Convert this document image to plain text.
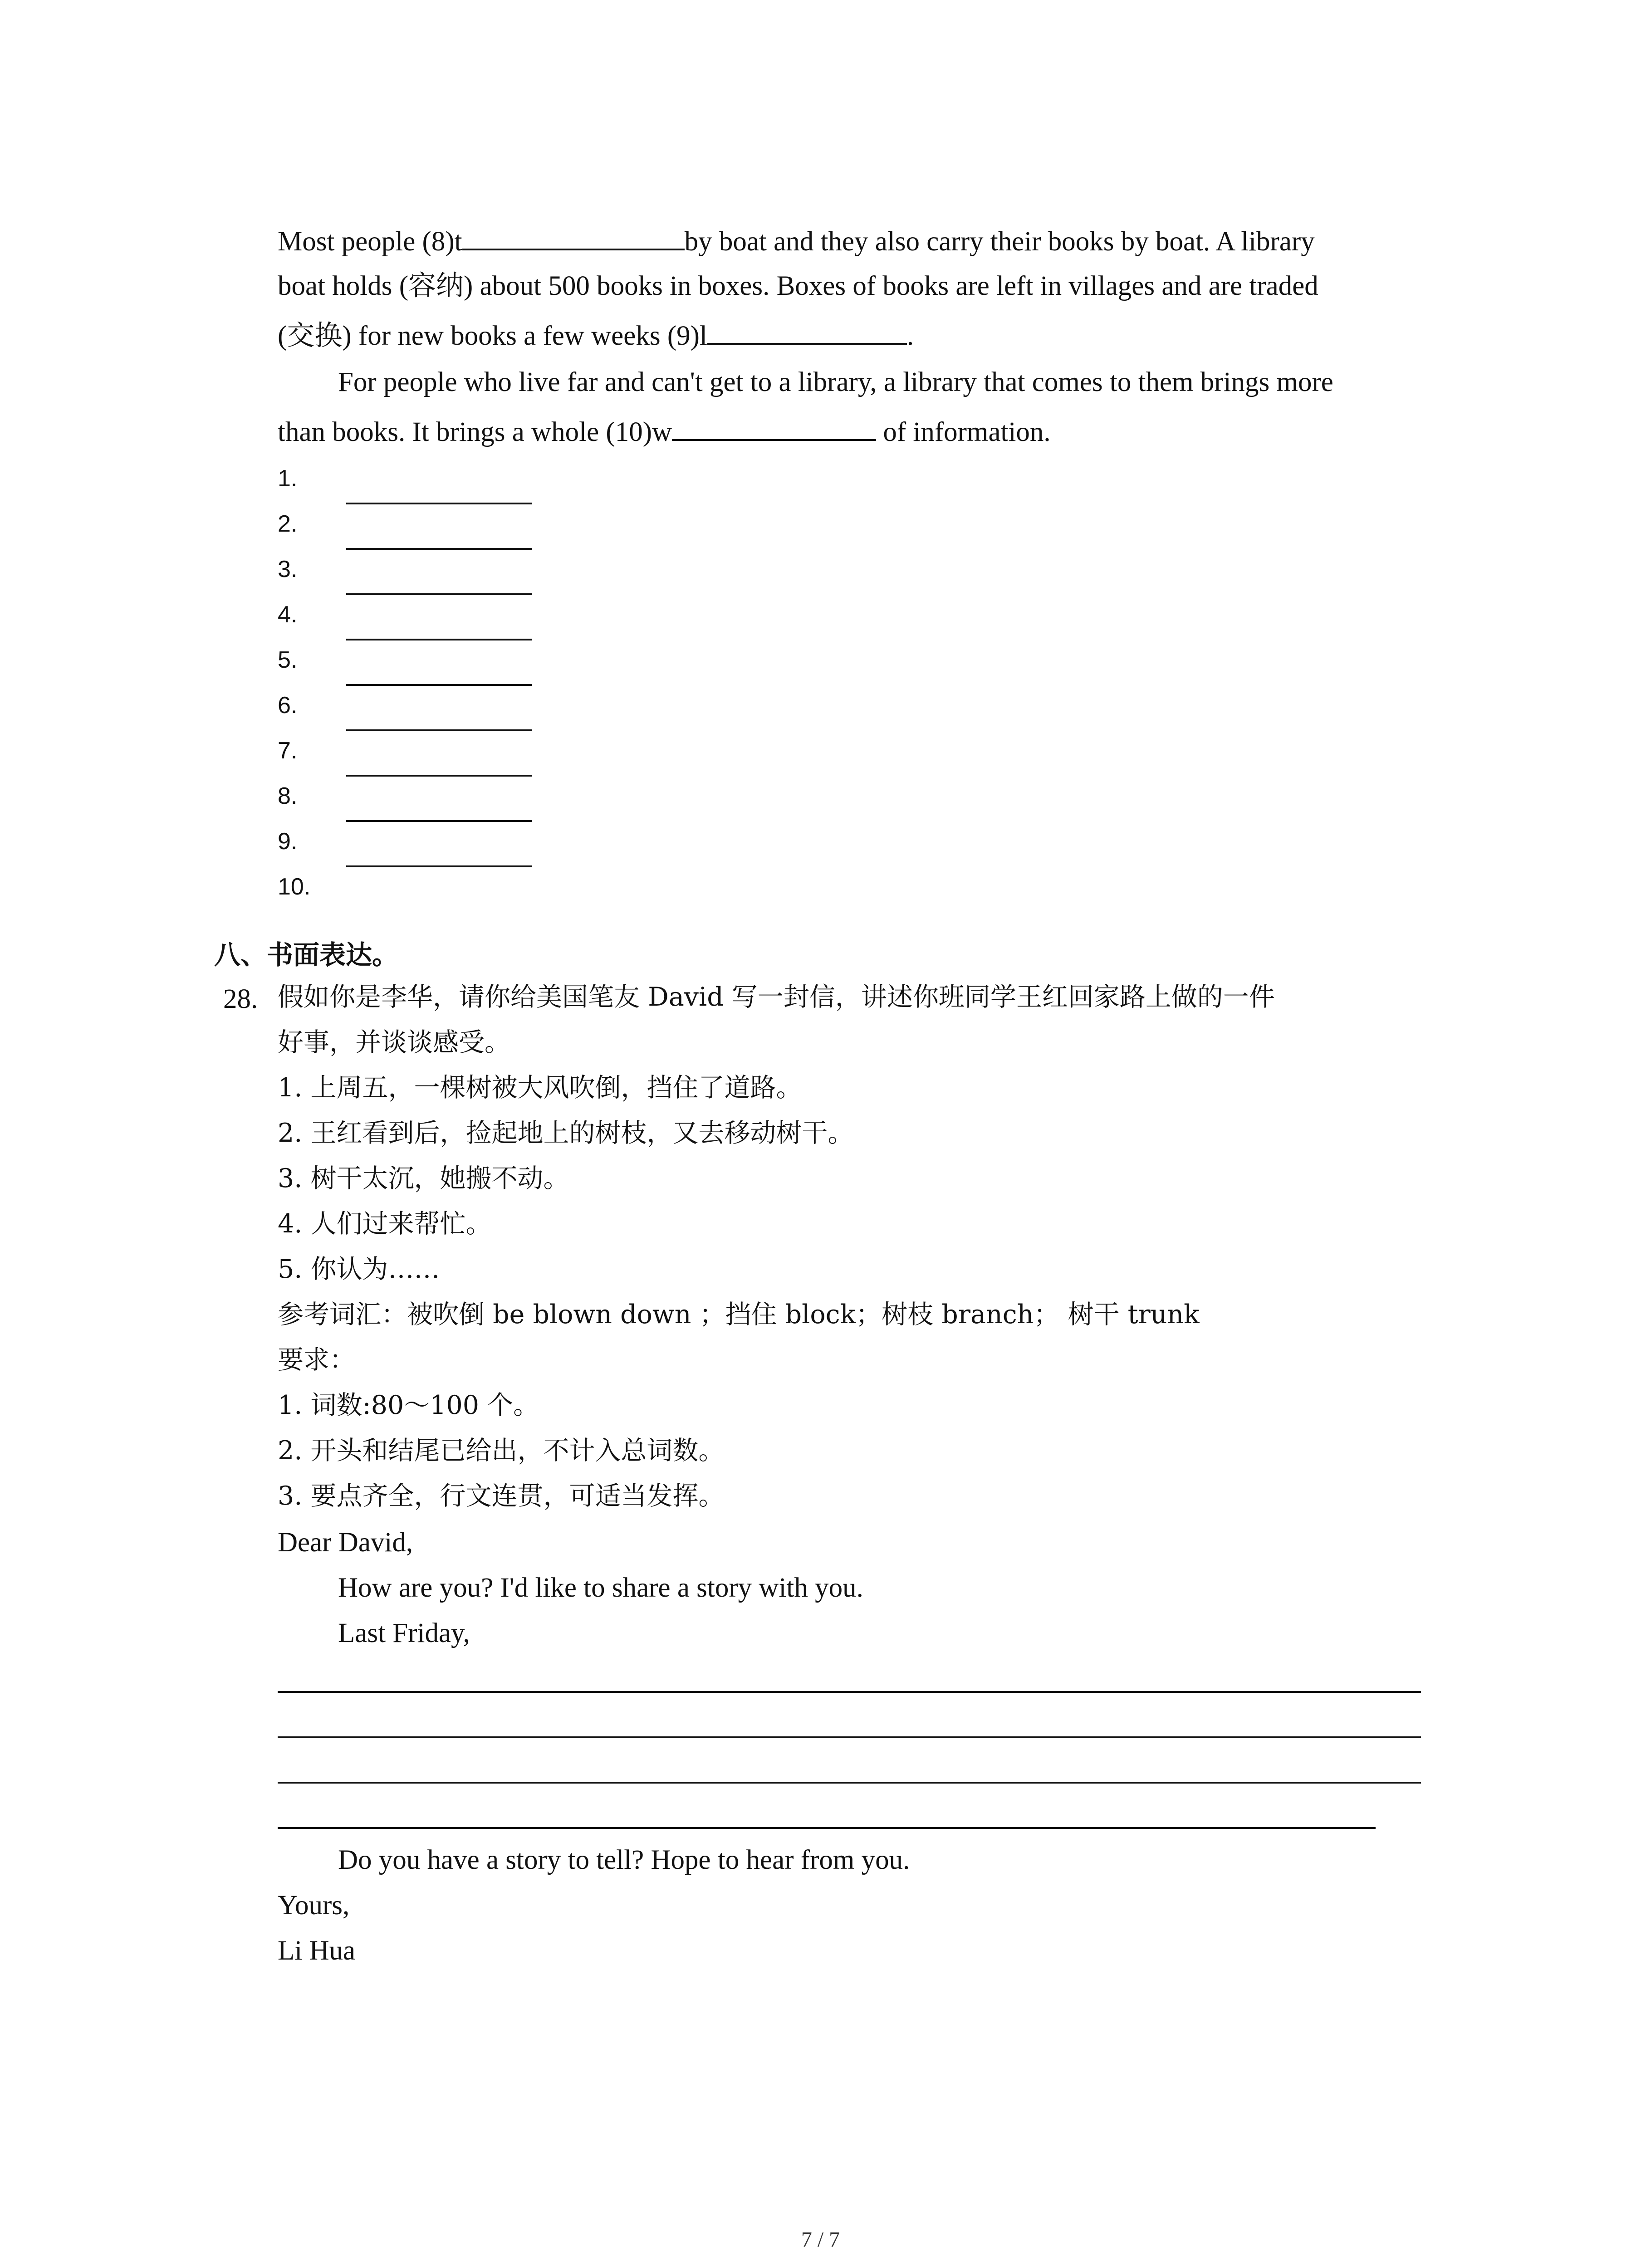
Most people (8)t	by boat and they also carry their books by boat. A library
boat holds (容纳) about 500 books in boxes. Boxes of books are left in villages and are traded
(交换) for new books a few weeks (9)l	.
For people who live far and can't get to a library, a library that comes to them brings more
than books. It brings a whole (10)w	of information.
1.
2.
3.
4.
5.
6.
7.
8.
9.
10.
八、书面表达。
28. 假如你是李华，请你给美国笔友 David 写一封信，讲述你班同学王红回家路上做的一件
好事，并谈谈感受。
1. 上周五，一棵树被大风吹倒，挡住了道路。
2. 王红看到后，捡起地上的树枝，又去移动树干。
3. 树干太沉，她搬不动。
4. 人们过来帮忙。
5. 你认为……
参考词汇：被吹倒 be blown down ；挡住 block；树枝 branch； 树干 trunk
要求：
1. 词数:80～100 个。
2. 开头和结尾已给出，不计入总词数。
3. 要点齐全，行文连贯，可适当发挥。
Dear David,
How are you? I'd like to share a story with you.
Last Friday,
Do you have a story to tell? Hope to hear from you.
Yours,
Li Hua
7 / 7
